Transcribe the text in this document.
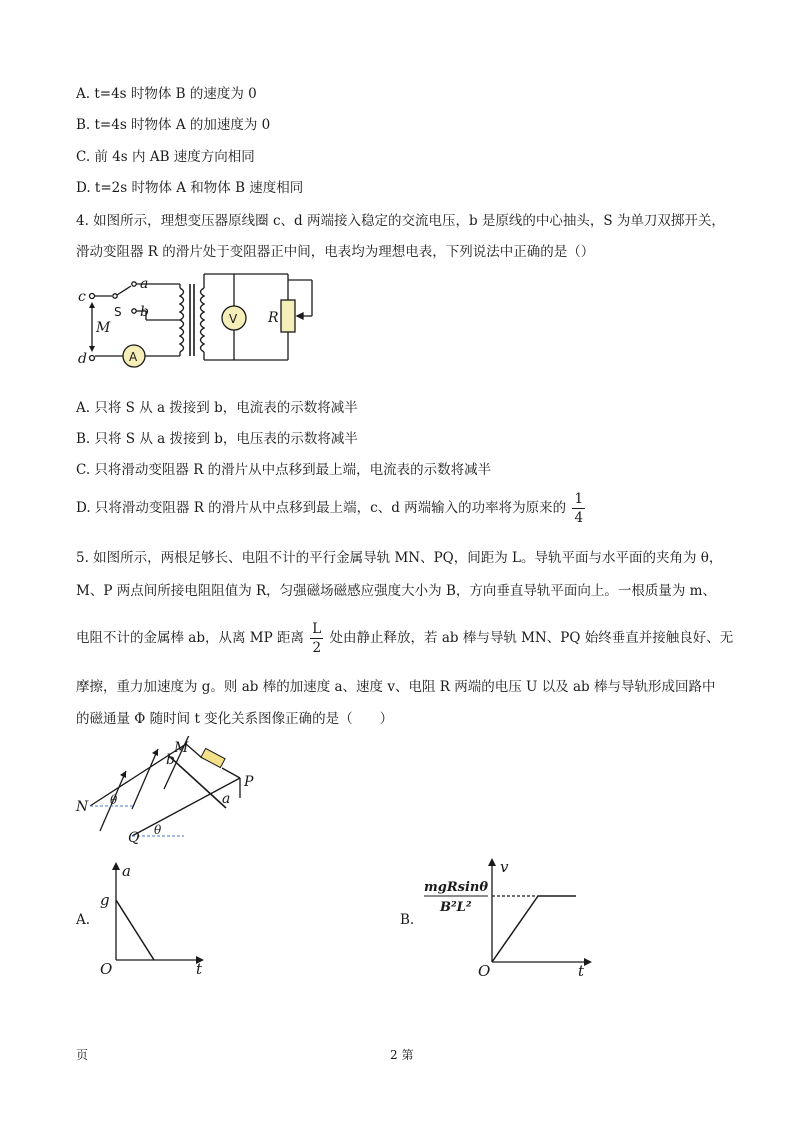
A. t=4s 时物体 B 的速度为 0
B. t=4s 时物体 A 的加速度为 0
C. 前 4s 内 AB 速度方向相同
D. t=2s 时物体 A 和物体 B 速度相同
4. 如图所示，理想变压器原线圈 c、d 两端接入稳定的交流电压，b 是原线的中心抽头，S 为单刀双掷开关，
滑动变阻器 R 的滑片处于变阻器正中间，电表均为理想电表，下列说法中正确的是（）
c
d
a
b
M
R
S	V
A
A. 只将 S 从 a 拨接到 b，电流表的示数将减半
B. 只将 S 从 a 拨接到 b，电压表的示数将减半
C. 只将滑动变阻器 R 的滑片从中点移到最上端，电流表的示数将减半
D. 只将滑动变阻器 R 的滑片从中点移到最上端，c、d 两端输入的功率将为原来的 $\frac{1}{4}$
5. 如图所示，两根足够长、电阻不计的平行金属导轨 MN、PQ，间距为 L。导轨平面与水平面的夹角为 θ，
M、P 两点间所接电阻阻值为 R，匀强磁场磁感应强度大小为 B，方向垂直导轨平面向上。一根质量为 m、
电阻不计的金属棒 ab，从离 MP 距离 $\frac{L}{2}$ 处由静止释放，若 ab 棒与导轨 MN、PQ 始终垂直并接触良好、无
摩擦，重力加速度为 g。则 ab 棒的加速度 a、速度 v、电阻 R 两端的电压 U 以及 ab 棒与导轨形成回路中
的磁通量 Φ 随时间 t 变化关系图像正确的是（　　）
N
Q
M
P
a
b
θ
θ
A.
a
t
O
g
B.
v
t
O
mgRsinθ
B²L²
页	2 第
